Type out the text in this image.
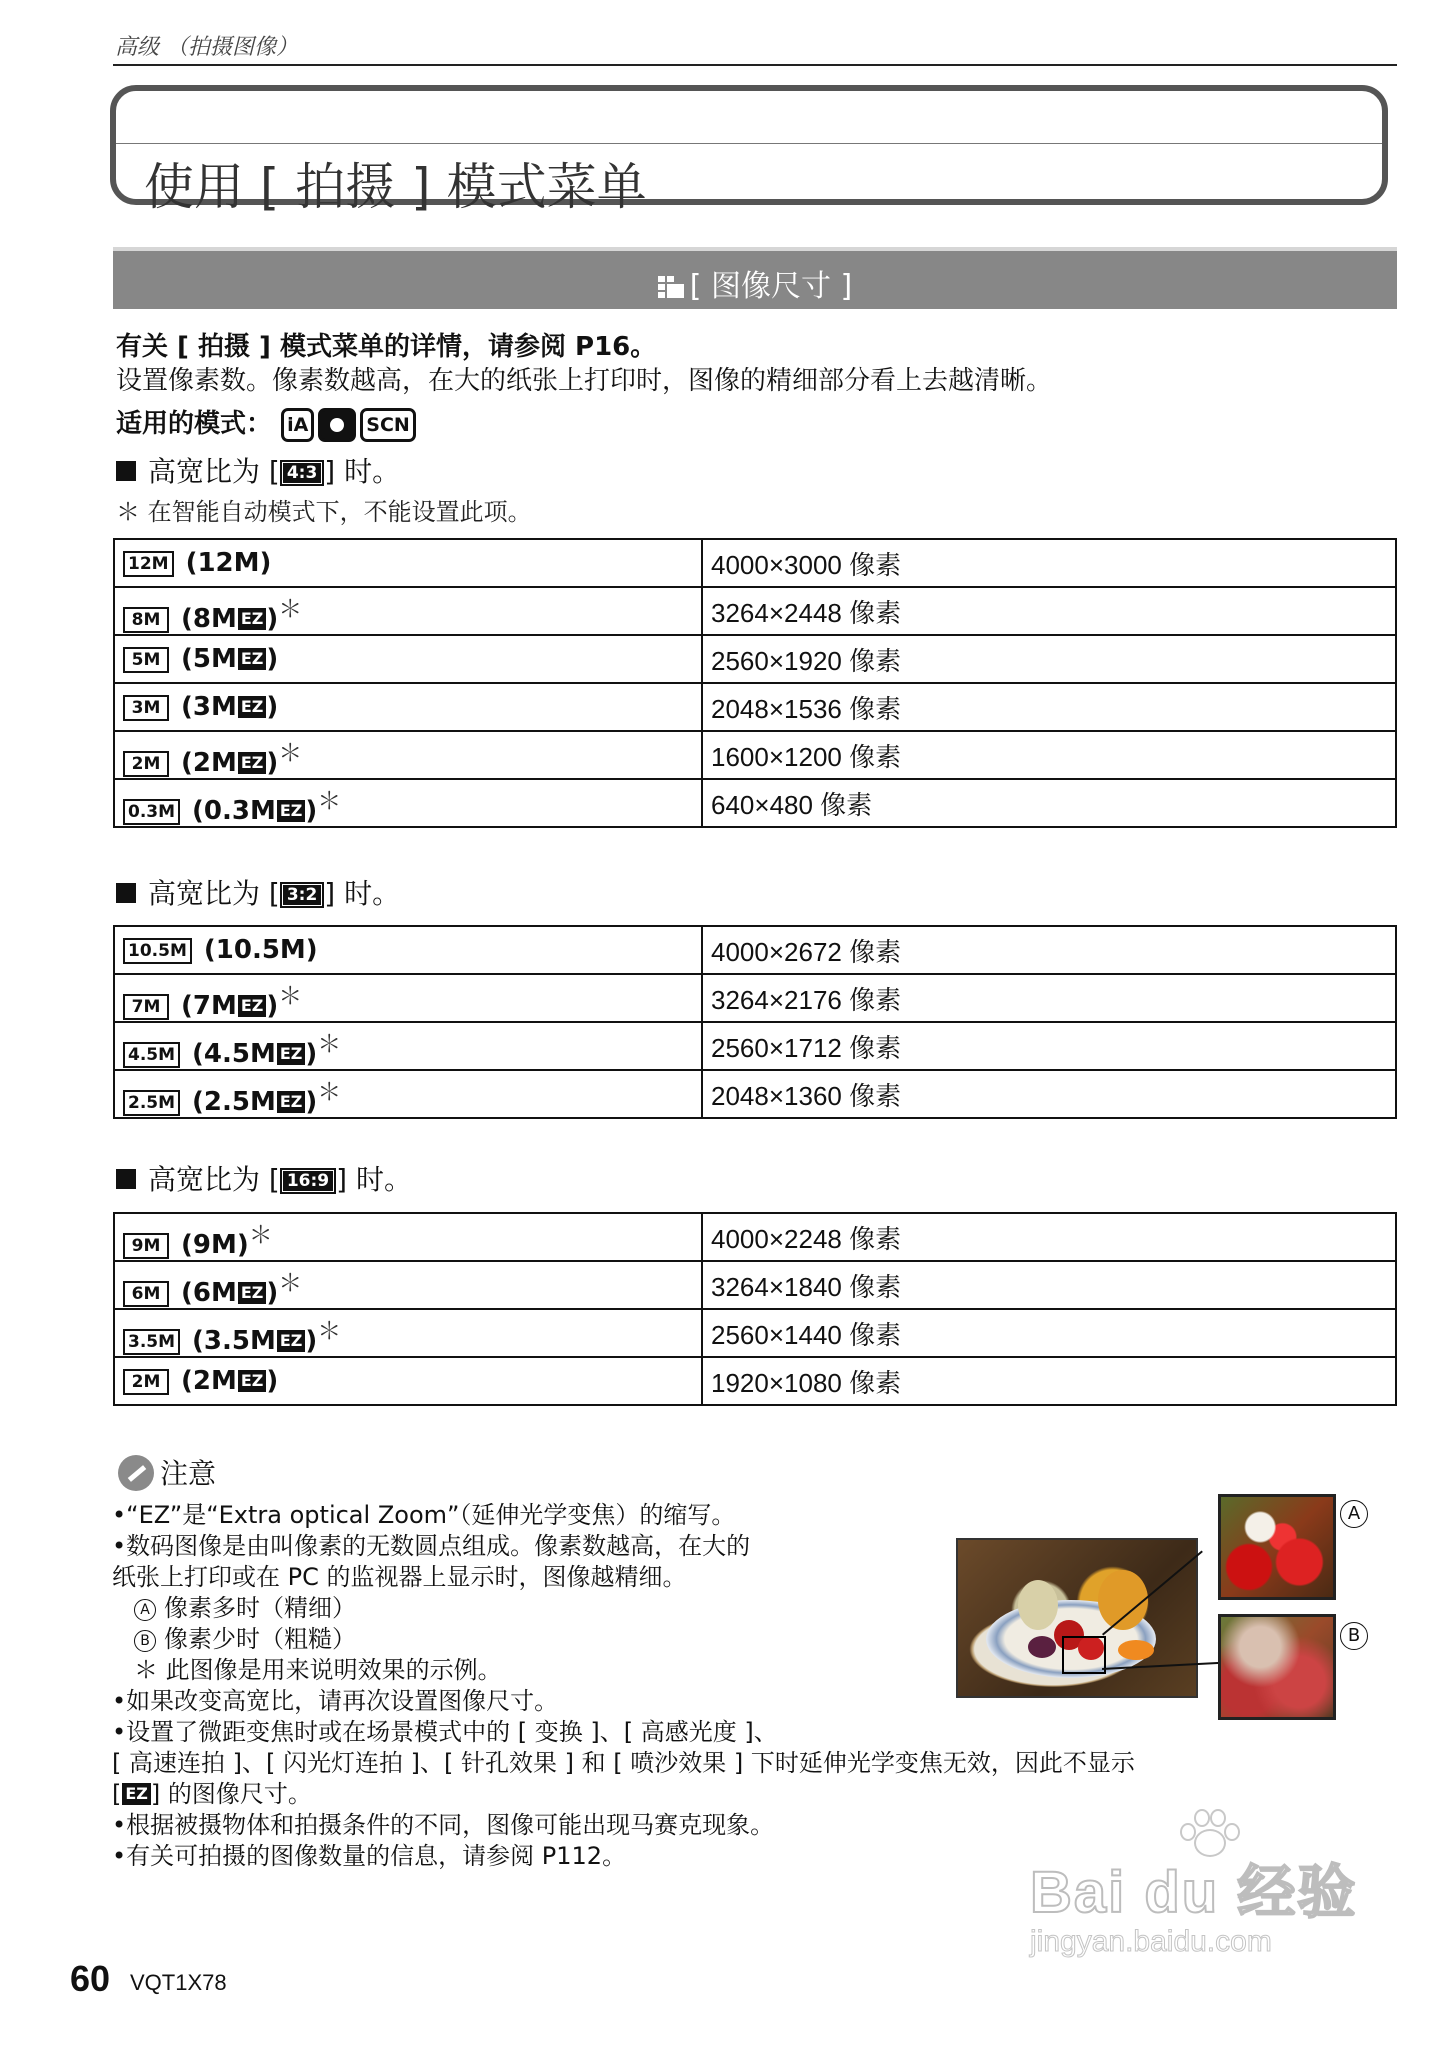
高级 （拍摄图像）
使用 [ 拍摄 ] 模式菜单
[ 图像尺寸 ]
有关 [ 拍摄 ] 模式菜单的详情，请参阅 P16。
设置像素数。像素数越高，在大的纸张上打印时，图像的精细部分看上去越清晰。
适用的模式： iA	SCN
高宽比为 [ 4:3 ] 时。
＊ 在智能自动模式下，不能设置此项。
12M (12M)	4000×3000 像素
8M (8M EZ )＊	3264×2448 像素
5M (5M EZ )	2560×1920 像素
3M (3M EZ )	2048×1536 像素
2M (2M EZ )＊	1600×1200 像素
0.3M (0.3M EZ )＊	640×480 像素
高宽比为 [ 3:2 ] 时。
10.5M (10.5M)	4000×2672 像素
7M (7M EZ )＊	3264×2176 像素
4.5M (4.5M EZ )＊	2560×1712 像素
2.5M (2.5M EZ )＊	2048×1360 像素
高宽比为 [ 16:9 ] 时。
9M (9M)＊	4000×2248 像素
6M (6M EZ )＊	3264×1840 像素
3.5M (3.5M EZ )＊	2560×1440 像素
2M (2M EZ )	1920×1080 像素
注意

•“EZ”是“Extra optical Zoom”（延伸光学变焦）的缩写。

•数码图像是由叫像素的无数圆点组成。像素数越高，在大的

纸张上打印或在 PC 的监视器上显示时，图像越精细。

A 像素多时（精细）

B 像素少时（粗糙）

＊ 此图像是用来说明效果的示例。

•如果改变高宽比，请再次设置图像尺寸。

•设置了微距变焦时或在场景模式中的 [ 变换 ]、[ 高感光度 ]、

[ 高速连拍 ]、[ 闪光灯连拍 ]、[ 针孔效果 ] 和 [ 喷沙效果 ] 下时延伸光学变焦无效，因此不显示

[ EZ ] 的图像尺寸。

•根据被摄物体和拍摄条件的不同，图像可能出现马赛克现象。

•有关可拍摄的图像数量的信息，请参阅 P112。

A
B
60 VQT1X78
Bai du 经验
jingyan.baidu.com
